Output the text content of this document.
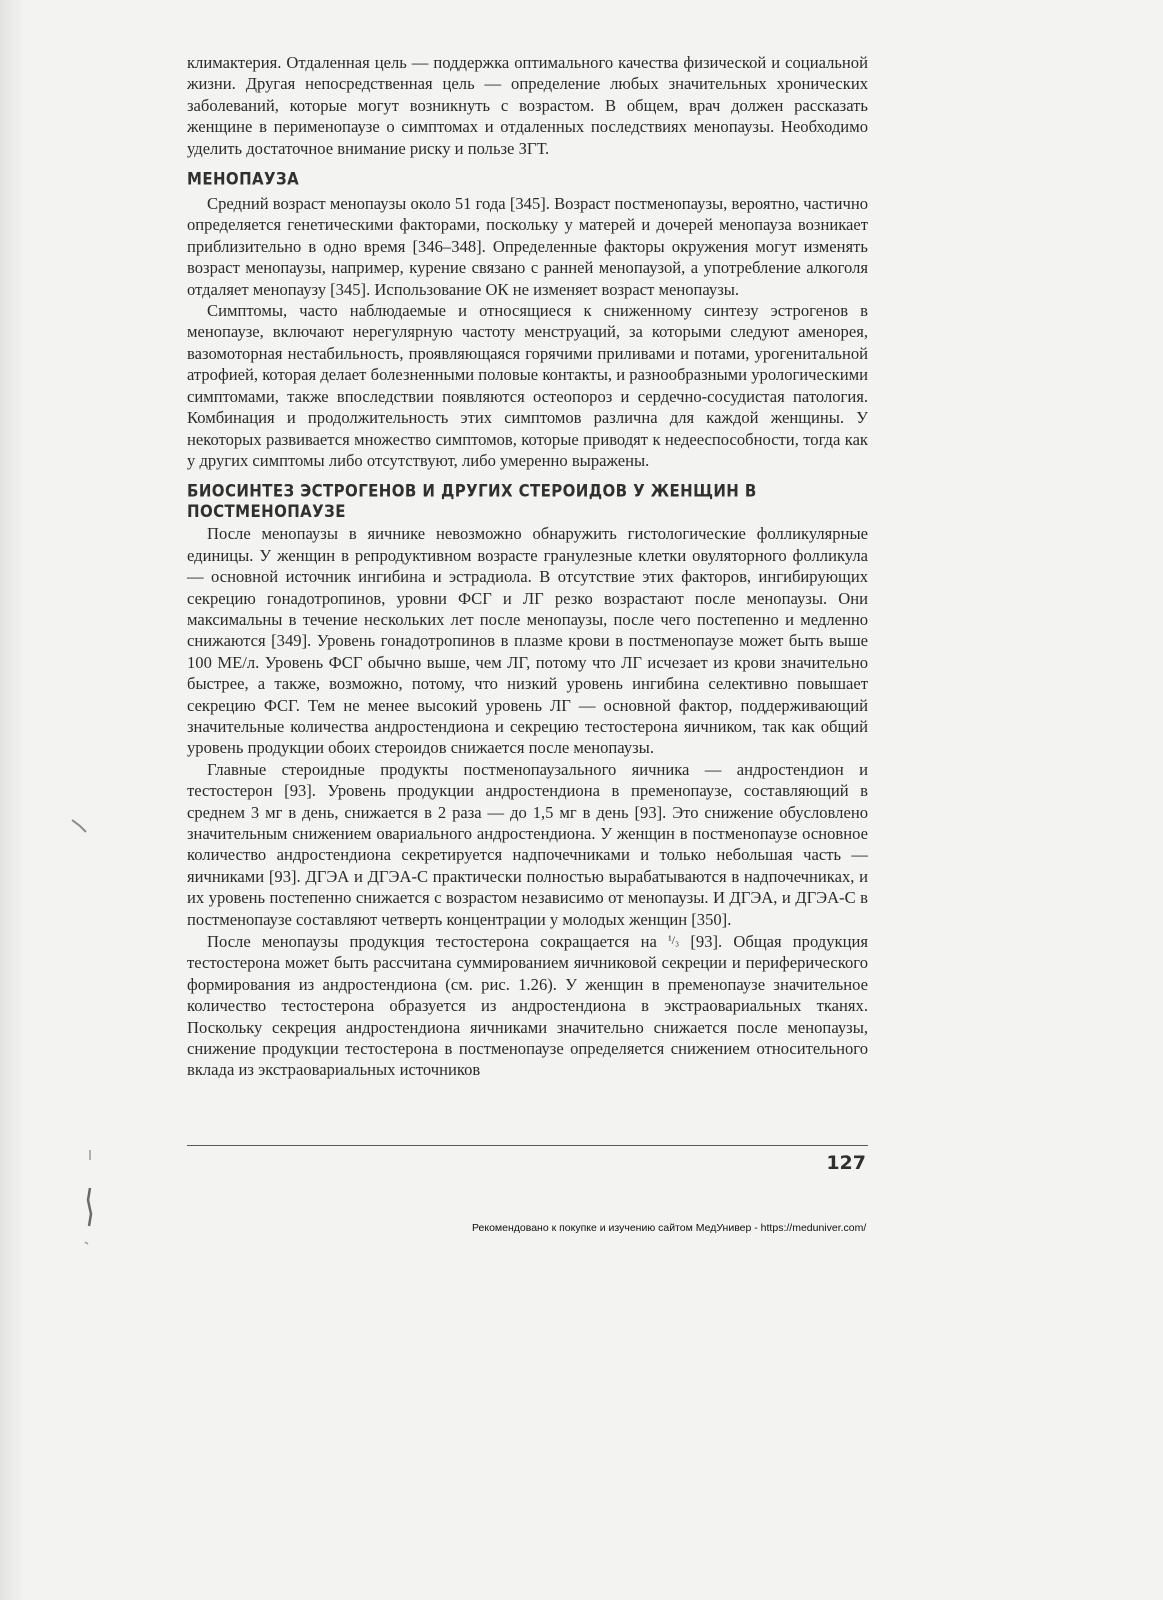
климактерия. Отдаленная цель — поддержка оптимального качества физической и социальной жизни. Другая непосредственная цель — определение любых значительных хронических заболеваний, которые могут возникнуть с возрастом. В общем, врач должен рассказать женщине в перименопаузе о симптомах и отдаленных последствиях менопаузы. Необходимо уделить достаточное внимание риску и пользе ЗГТ.

МЕНОПАУЗА

Средний возраст менопаузы около 51 года [345]. Возраст постменопаузы, вероятно, частично определяется генетическими факторами, поскольку у матерей и дочерей менопауза возникает приблизительно в одно время [346–348]. Определенные факторы окружения могут изменять возраст менопаузы, например, курение связано с ранней менопаузой, а употребление алкоголя отдаляет менопаузу [345]. Использование ОК не изменяет возраст менопаузы.

Симптомы, часто наблюдаемые и относящиеся к сниженному синтезу эстрогенов в менопаузе, включают нерегулярную частоту менструаций, за которыми следуют аменорея, вазомоторная нестабильность, проявляющаяся горячими приливами и потами, урогенитальной атрофией, которая делает болезненными половые контакты, и разнообразными урологическими симптомами, также впоследствии появляются остеопороз и сердечно-сосудистая патология. Комбинация и продолжительность этих симптомов различна для каждой женщины. У некоторых развивается множество симптомов, которые приводят к недееспособности, тогда как у других симптомы либо отсутствуют, либо умеренно выражены.

БИОСИНТЕЗ ЭСТРОГЕНОВ И ДРУГИХ СТЕРОИДОВ У ЖЕНЩИН В ПОСТМЕНОПАУЗЕ

После менопаузы в яичнике невозможно обнаружить гистологические фолликулярные единицы. У женщин в репродуктивном возрасте гранулезные клетки овуляторного фолликула — основной источник ингибина и эстрадиола. В отсутствие этих факторов, ингибирующих секрецию гонадотропинов, уровни ФСГ и ЛГ резко возрастают после менопаузы. Они максимальны в течение нескольких лет после менопаузы, после чего постепенно и медленно снижаются [349]. Уровень гонадотропинов в плазме крови в постменопаузе может быть выше 100 МЕ/л. Уровень ФСГ обычно выше, чем ЛГ, потому что ЛГ исчезает из крови значительно быстрее, а также, возможно, потому, что низкий уровень ингибина селективно повышает секрецию ФСГ. Тем не менее высокий уровень ЛГ — основной фактор, поддерживающий значительные количества андростендиона и секрецию тестостерона яичником, так как общий уровень продукции обоих стероидов снижается после менопаузы.

Главные стероидные продукты постменопаузального яичника — андростендион и тестостерон [93]. Уровень продукции андростендиона в пременопаузе, составляющий в среднем 3 мг в день, снижается в 2 раза — до 1,5 мг в день [93]. Это снижение обусловлено значительным снижением овариального андростендиона. У женщин в постменопаузе основное количество андростендиона секретируется надпочечниками и только небольшая часть — яичниками [93]. ДГЭА и ДГЭА-С практически полностью вырабатываются в надпочечниках, и их уровень постепенно снижается с возрастом независимо от менопаузы. И ДГЭА, и ДГЭА-С в постменопаузе составляют четверть концентрации у молодых женщин [350].

После менопаузы продукция тестостерона сокращается на ¹/₃ [93]. Общая продукция тестостерона может быть рассчитана суммированием яичниковой секреции и периферического формирования из андростендиона (см. рис. 1.26). У женщин в пременопаузе значительное количество тестостерона образуется из андростендиона в экстраовариальных тканях. Поскольку секреция андростендиона яичниками значительно снижается после менопаузы, снижение продукции тестостерона в постменопаузе определяется снижением относительного вклада из экстраовариальных источников

127
Рекомендовано к покупке и изучению сайтом МедУнивер - https://meduniver.com/
